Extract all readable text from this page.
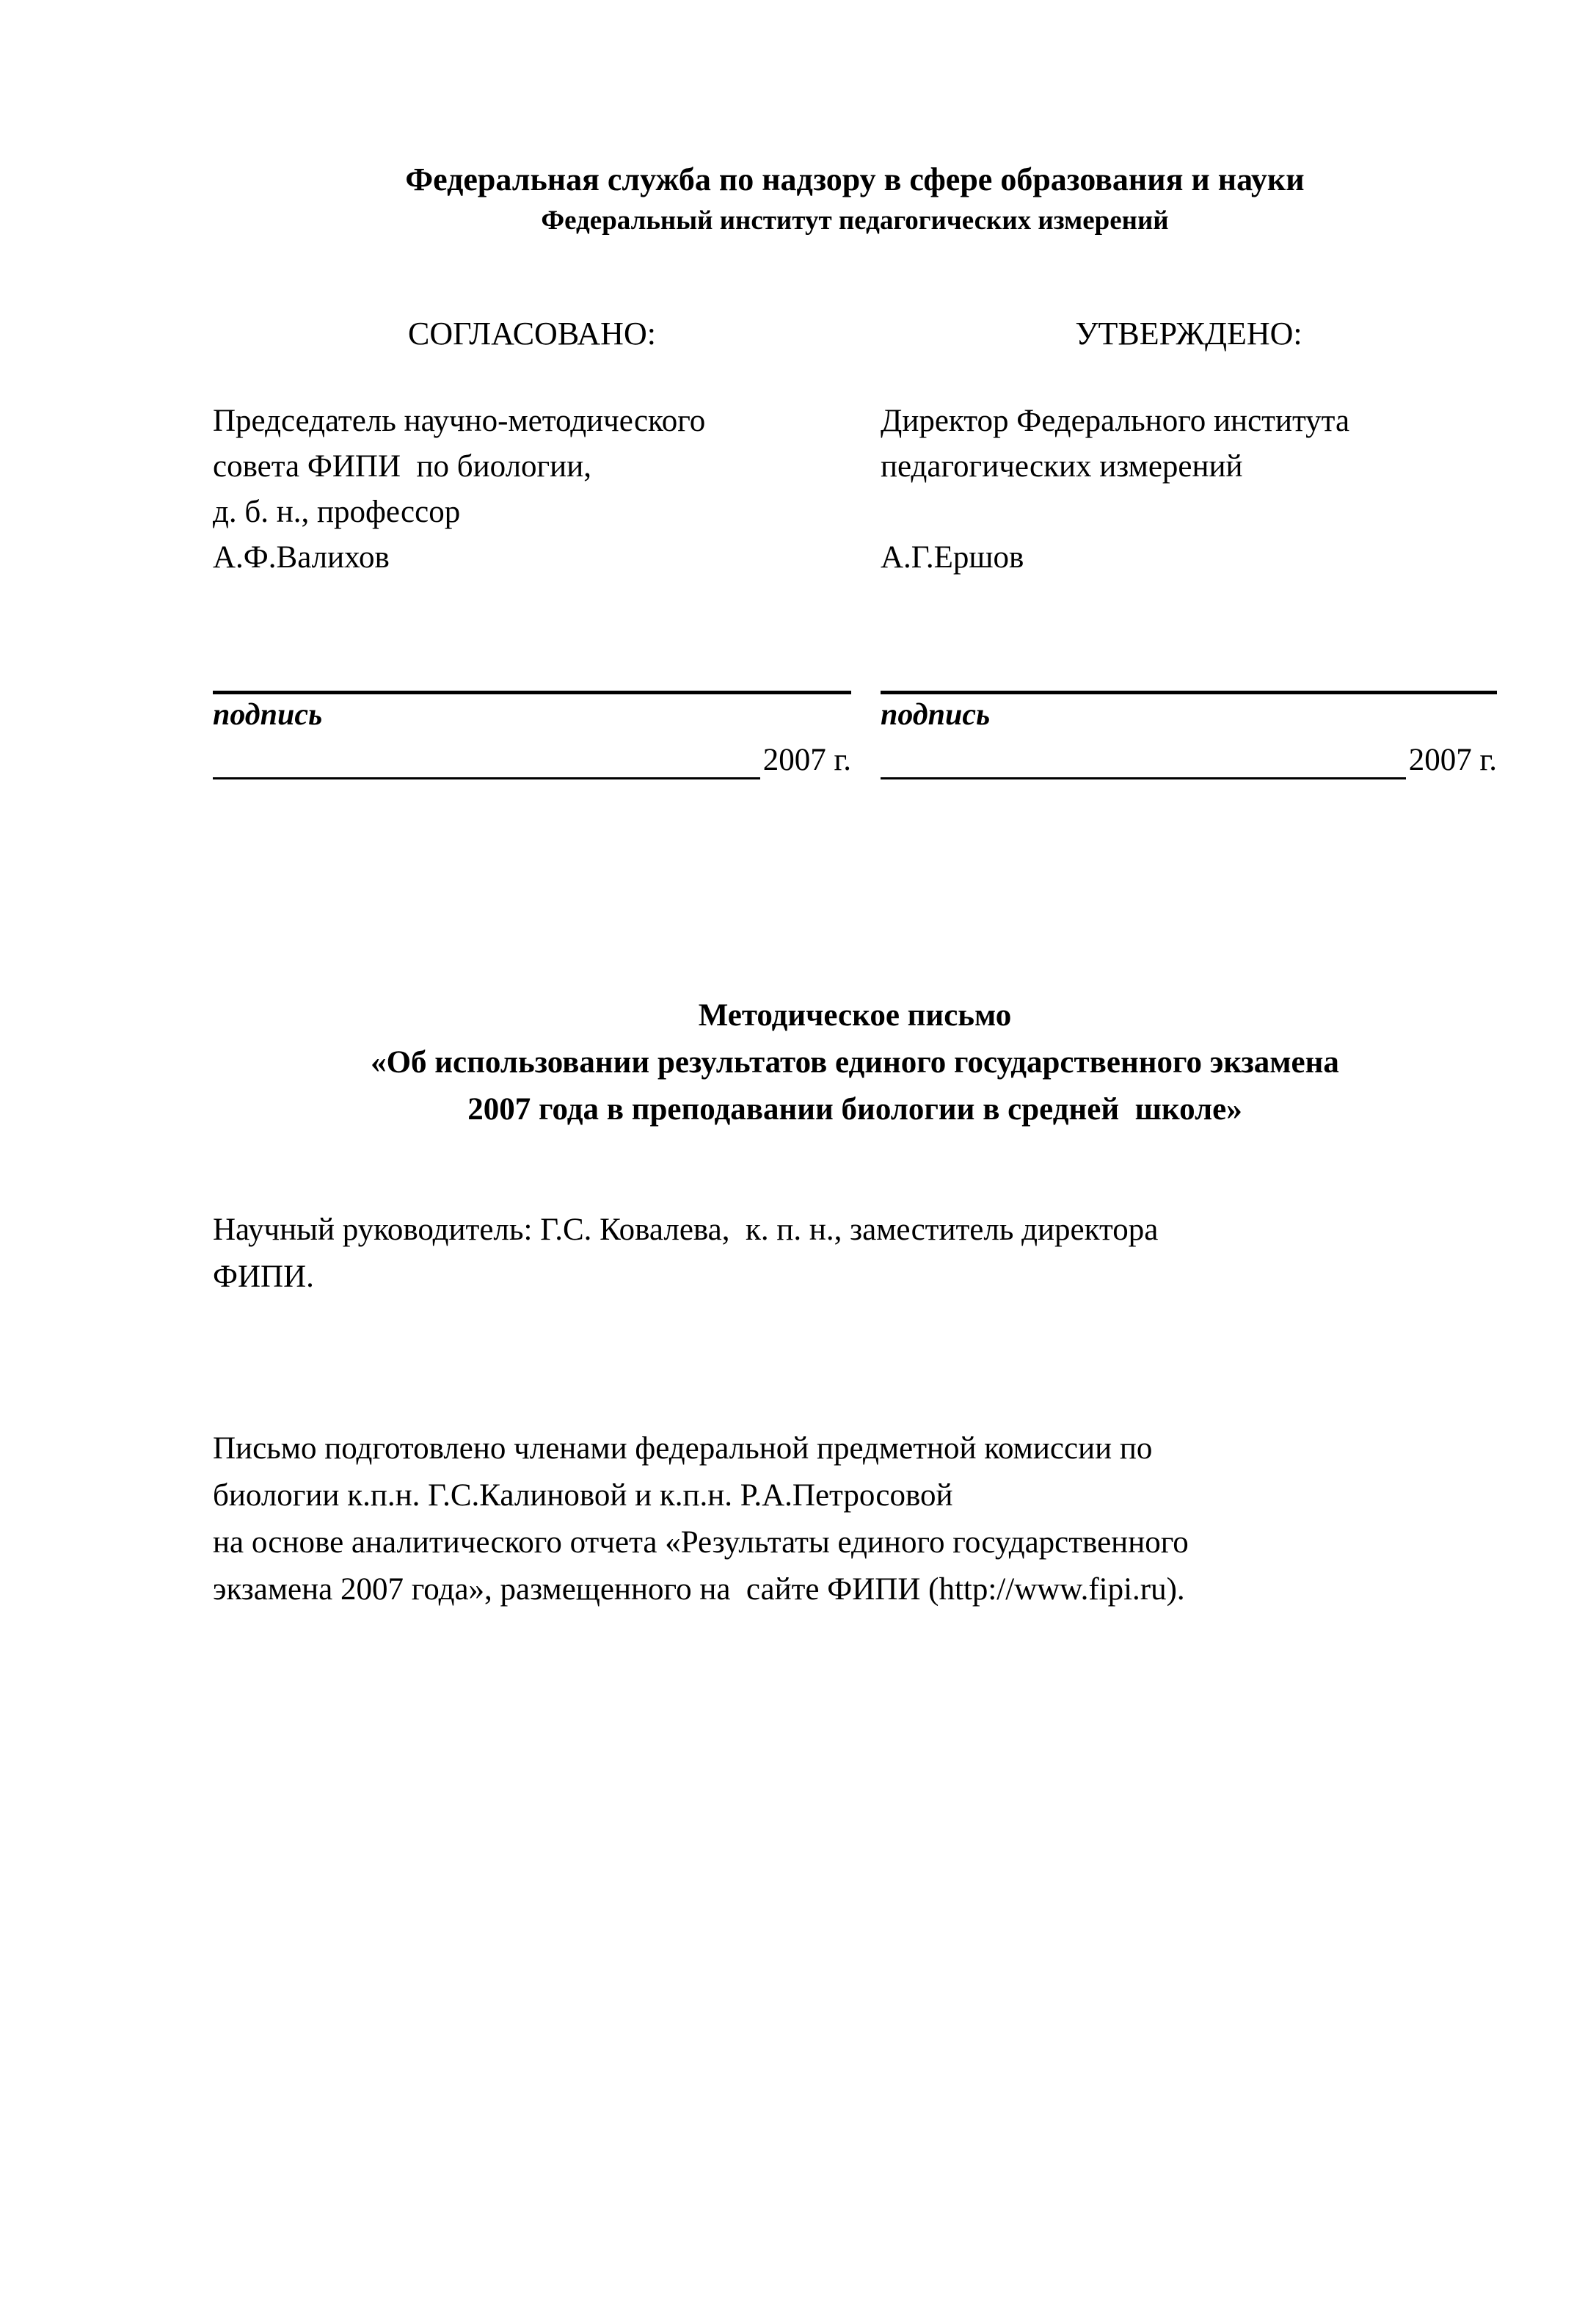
Федеральная служба по надзору в сфере образования и науки
Федеральный институт педагогических измерений
СОГЛАСОВАНО:	УТВЕРЖДЕНО:
Председатель научно-методического
совета ФИПИ  по биологии,
д. б. н., профессор
А.Ф.Валихов
Директор Федерального института
педагогических измерений
А.Г.Ершов
подпись
2007 г.
подпись
2007 г.
Методическое письмо
«Об использовании результатов единого государственного экзамена
2007 года в преподавании биологии в средней  школе»
Научный руководитель: Г.С. Ковалева,  к. п. н., заместитель директора
ФИПИ.
Письмо подготовлено членами федеральной предметной комиссии по
биологии к.п.н. Г.С.Калиновой и к.п.н. Р.А.Петросовой
на основе аналитического отчета «Результаты единого государственного
экзамена 2007 года», размещенного на  сайте ФИПИ (http://www.fipi.ru).
